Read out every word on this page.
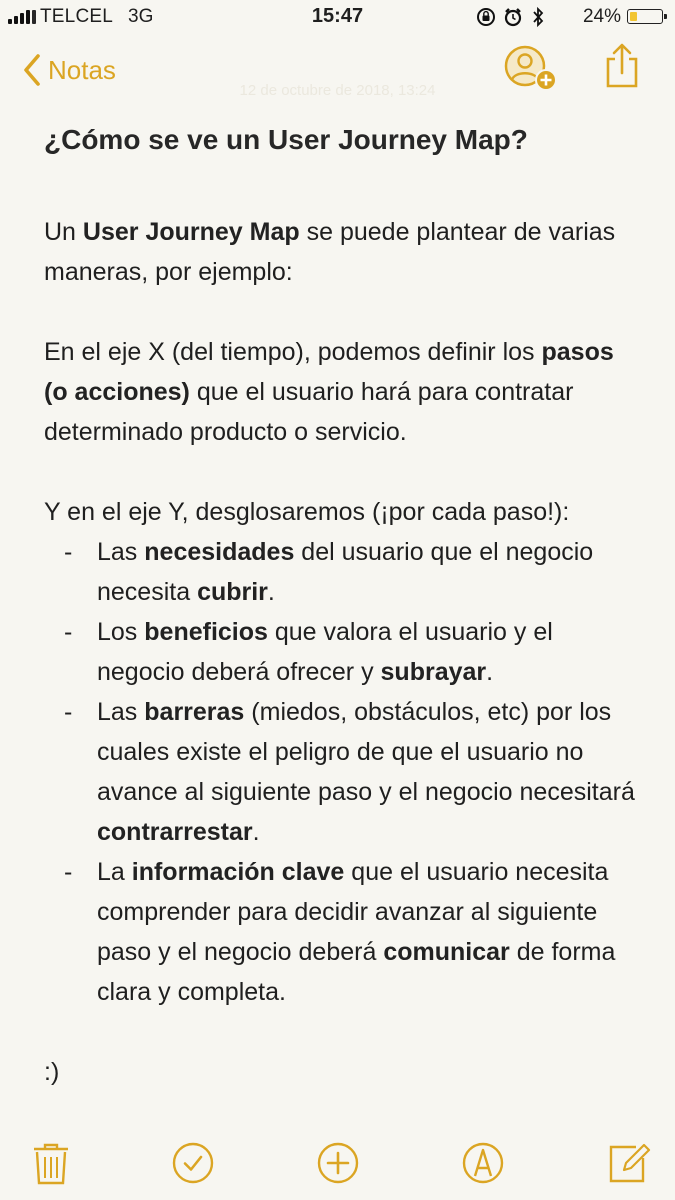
TELCEL 3G	15:47	24%
Notas
12 de octubre de 2018, 13:24
¿Cómo se ve un User Journey Map?

Un User Journey Map se puede plantear de varias maneras, por ejemplo:

En el eje X (del tiempo), podemos definir los pasos (o acciones) que el usuario hará para contratar determinado producto o servicio.

Y en el eje Y, desglosaremos (¡por cada paso!):

- Las necesidades del usuario que el negocio necesita cubrir.
- Los beneficios que valora el usuario y el negocio deberá ofrecer y subrayar.
- Las barreras (miedos, obstáculos, etc) por los cuales existe el peligro de que el usuario no avance al siguiente paso y el negocio necesitará contrarrestar.
- La información clave que el usuario necesita comprender para decidir avanzar al siguiente paso y el negocio deberá comunicar de forma clara y completa.

:)
